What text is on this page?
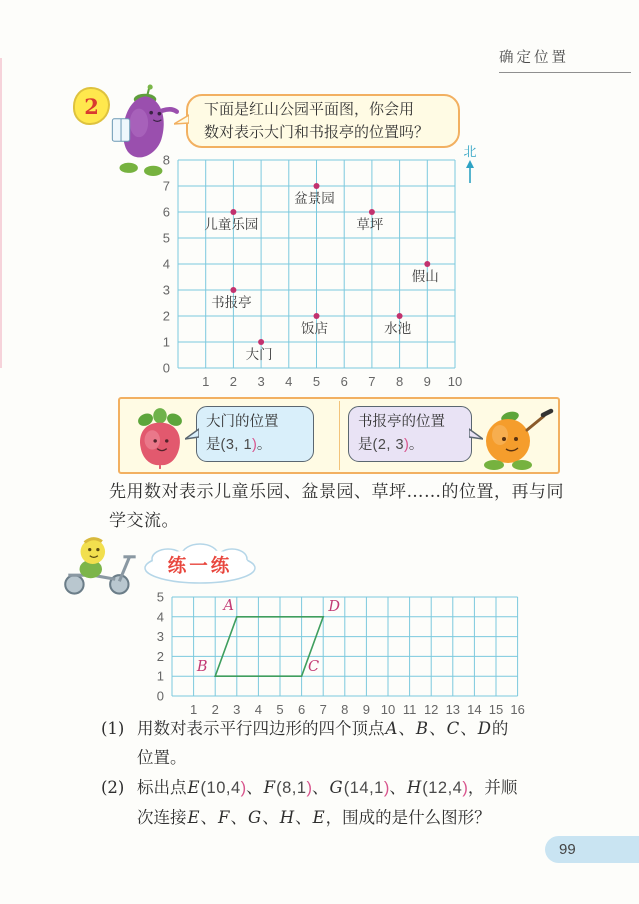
确定位置
2	下面是红山公园平面图，你会用
数对表示大门和书报亭的位置吗？
0
1
2
3
4
5
6
7
8
1 2 3 4 5 6 7 8 9 10
盆景园
儿童乐园	草坪
假山
书报亭
饭店	水池
大门
北
大门的位置
是(3, 1)。
书报亭的位置
是(2, 3)。
先用数对表示儿童乐园、盆景园、草坪……的位置，再与同学交流。
练一练
0
1
2
3
4
5
1 2 3 4 5 6 7 8 9 10 11 12 13 14 15 16
A
B	C
D
(1) 用数对表示平行四边形的四个顶点A、B、C、D的
位置。
(2) 标出点E(10,4)、F(8,1)、G(14,1)、H(12,4)，并顺
次连接E、F、G、H、E，围成的是什么图形？
99
